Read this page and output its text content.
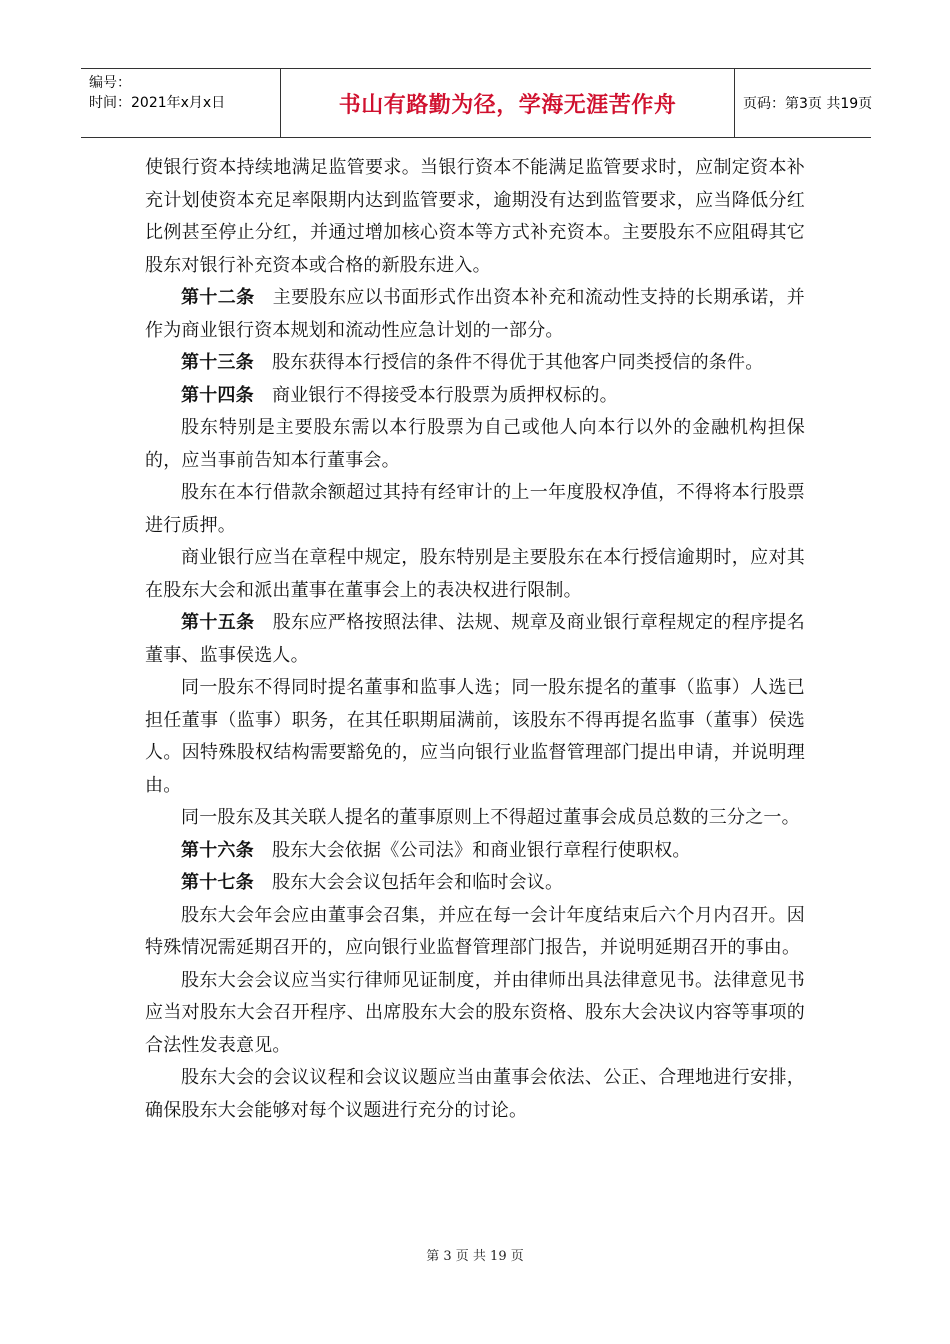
编号：
时间：2021年x月x日	书山有路勤为径，学海无涯苦作舟	页码：第3页 共19页

使银行资本持续地满足监管要求。当银行资本不能满足监管要求时，应制定资本补充计划使资本充足率限期内达到监管要求，逾期没有达到监管要求，应当降低分红比例甚至停止分红，并通过增加核心资本等方式补充资本。主要股东不应阻碍其它股东对银行补充资本或合格的新股东进入。

第十二条　主要股东应以书面形式作出资本补充和流动性支持的长期承诺，并作为商业银行资本规划和流动性应急计划的一部分。

第十三条　股东获得本行授信的条件不得优于其他客户同类授信的条件。

第十四条　商业银行不得接受本行股票为质押权标的。

股东特别是主要股东需以本行股票为自己或他人向本行以外的金融机构担保的，应当事前告知本行董事会。

股东在本行借款余额超过其持有经审计的上一年度股权净值，不得将本行股票进行质押。

商业银行应当在章程中规定，股东特别是主要股东在本行授信逾期时，应对其在股东大会和派出董事在董事会上的表决权进行限制。

第十五条　股东应严格按照法律、法规、规章及商业银行章程规定的程序提名董事、监事侯选人。

同一股东不得同时提名董事和监事人选；同一股东提名的董事（监事）人选已担任董事（监事）职务，在其任职期届满前，该股东不得再提名监事（董事）侯选人。因特殊股权结构需要豁免的，应当向银行业监督管理部门提出申请，并说明理由。

同一股东及其关联人提名的董事原则上不得超过董事会成员总数的三分之一。

第十六条　股东大会依据《公司法》和商业银行章程行使职权。

第十七条　股东大会会议包括年会和临时会议。

股东大会年会应由董事会召集，并应在每一会计年度结束后六个月内召开。因特殊情况需延期召开的，应向银行业监督管理部门报告，并说明延期召开的事由。

股东大会会议应当实行律师见证制度，并由律师出具法律意见书。法律意见书应当对股东大会召开程序、出席股东大会的股东资格、股东大会决议内容等事项的合法性发表意见。

股东大会的会议议程和会议议题应当由董事会依法、公正、合理地进行安排，确保股东大会能够对每个议题进行充分的讨论。

第 3 页 共 19 页
